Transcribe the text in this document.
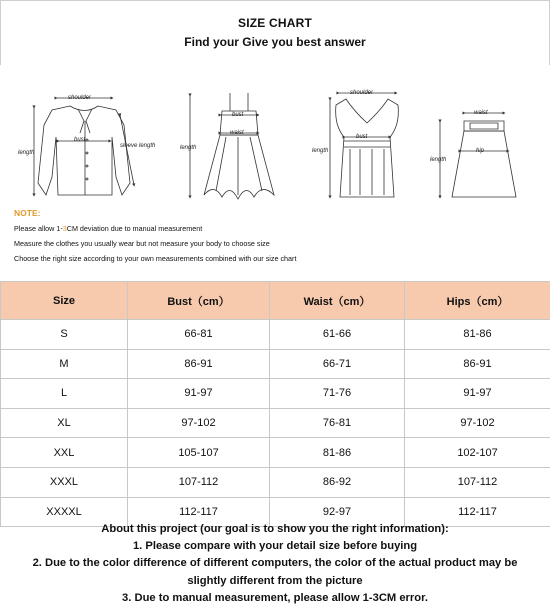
SIZE CHART
Find your Give you best answer
shoulder
bust
length
sleeve length
bust
waist
length
shoulder
bust
length
waist
hip
length
NOTE:
Please allow 1-3CM deviation due to manual measurement
Measure the clothes you usually wear but not measure your body to choose size
Choose the right size according to your own measurements combined with our size chart
Size	Bust（cm）	Waist（cm）	Hips（cm）
S	66-81	61-66	81-86
M	86-91	66-71	86-91
L	91-97	71-76	91-97
XL	97-102	76-81	97-102
XXL	105-107	81-86	102-107
XXXL	107-112	86-92	107-112
XXXXL	112-117	92-97	112-117
About this project (our goal is to show you the right information):
1. Please compare with your detail size before buying
2. Due to the color difference of different computers, the color of the actual product may be
slightly different from the picture
3. Due to manual measurement, please allow 1-3CM error.
